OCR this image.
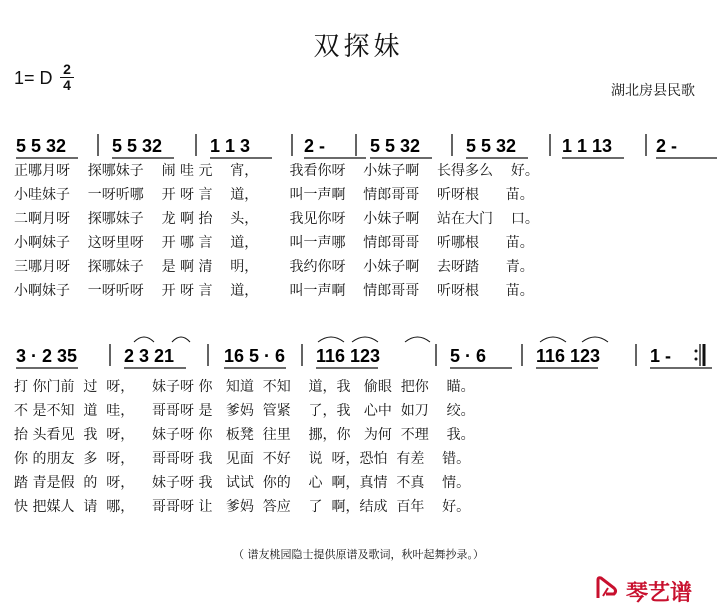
双探妹
1= D $\frac{2}{4}$	湖北房县民歌
5 5 32	5 5 32	1 1 3	2 - 5 5 32	5 5 32	1 1 13 2 -
3 · 2 35	2 3 21	16 5 · 6 116 123	5 · 6	116 123	1 -
正哪月呀    探哪妹子    闹 哇 元    宵，       我看你呀    小妹子啊    长得多么    好。
小哇妹子    一呀听哪    开 呀 言    道，       叫一声啊    情郎哥哥    听呀根      苗。
二啊月呀    探哪妹子    龙 啊 抬    头，       我见你呀    小妹子啊    站在大门    口。
小啊妹子    这呀里呀    开 哪 言    道，       叫一声哪    情郎哥哥    听哪根      苗。
三哪月呀    探哪妹子    是 啊 清    明，       我约你呀    小妹子啊    去呀踏      青。
小啊妹子    一呀听呀    开 呀 言    道，       叫一声啊    情郎哥哥    听呀根      苗。
打 你门前  过  呀，    妹子呀 你   知道  不知    道，我   偷眼  把你    瞄。
不 是不知  道  哇，    哥哥呀 是   爹妈  管紧    了，我   心中  如刀    绞。
抬 头看见  我  呀，    妹子呀 你   板凳  往里    挪，你   为何  不理    我。
你 的朋友  多  呀，    哥哥呀 我   见面  不好    说  呀，恐怕  有差    错。
踏 青是假  的  呀，    妹子呀 我   试试  你的    心  啊，真情  不真    情。
快 把媒人  请  哪，    哥哥呀 让   爹妈  答应    了  啊，结成  百年    好。
（ 谱友桃园隐士提供原谱及歌词，秋叶起舞抄录。）
琴艺谱
